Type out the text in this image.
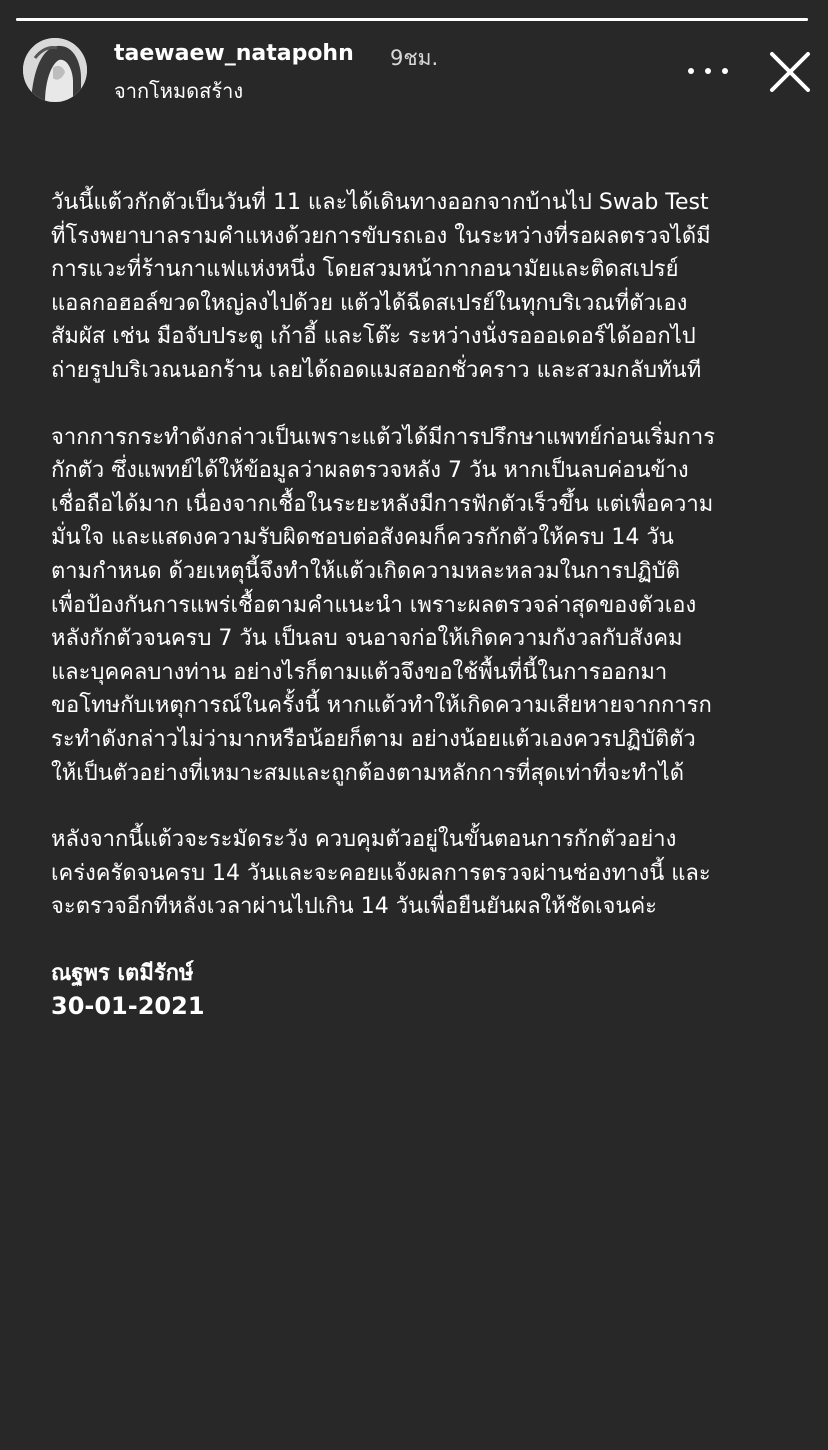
taewaew_natapohn 9ชม.
จากโหมดสร้าง
วันนี้แต้วกักตัวเป็นวันที่ 11 และได้เดินทางออกจากบ้านไป Swab Test
ที่โรงพยาบาลรามคำแหงด้วยการขับรถเอง ในระหว่างที่รอผลตรวจได้มี
การแวะที่ร้านกาแฟแห่งหนึ่ง โดยสวมหน้ากากอนามัยและติดสเปรย์
แอลกอฮอล์ขวดใหญ่ลงไปด้วย แต้วได้ฉีดสเปรย์ในทุกบริเวณที่ตัวเอง
สัมผัส เช่น มือจับประตู เก้าอี้ และโต๊ะ ระหว่างนั่งรอออเดอร์ได้ออกไป
ถ่ายรูปบริเวณนอกร้าน เลยได้ถอดแมสออกชั่วคราว และสวมกลับทันที
จากการกระทำดังกล่าวเป็นเพราะแต้วได้มีการปรึกษาแพทย์ก่อนเริ่มการ
กักตัว ซึ่งแพทย์ได้ให้ข้อมูลว่าผลตรวจหลัง 7 วัน หากเป็นลบค่อนข้าง
เชื่อถือได้มาก เนื่องจากเชื้อในระยะหลังมีการฟักตัวเร็วขึ้น แต่เพื่อความ
มั่นใจ และแสดงความรับผิดชอบต่อสังคมก็ควรกักตัวให้ครบ 14 วัน
ตามกำหนด ด้วยเหตุนี้จึงทำให้แต้วเกิดความหละหลวมในการปฏิบัติ
เพื่อป้องกันการแพร่เชื้อตามคำแนะนำ เพราะผลตรวจล่าสุดของตัวเอง
หลังกักตัวจนครบ 7 วัน เป็นลบ จนอาจก่อให้เกิดความกังวลกับสังคม
และบุคคลบางท่าน อย่างไรก็ตามแต้วจึงขอใช้พื้นที่นี้ในการออกมา
ขอโทษกับเหตุการณ์ในครั้งนี้ หากแต้วทำให้เกิดความเสียหายจากการก
ระทำดังกล่าวไม่ว่ามากหรือน้อยก็ตาม อย่างน้อยแต้วเองควรปฏิบัติตัว
ให้เป็นตัวอย่างที่เหมาะสมและถูกต้องตามหลักการที่สุดเท่าที่จะทำได้
หลังจากนี้แต้วจะระมัดระวัง ควบคุมตัวอยู่ในขั้นตอนการกักตัวอย่าง
เคร่งครัดจนครบ 14 วันและจะคอยแจ้งผลการตรวจผ่านช่องทางนี้ และ
จะตรวจอีกทีหลังเวลาผ่านไปเกิน 14 วันเพื่อยืนยันผลให้ชัดเจนค่ะ
ณฐพร เตมีรักษ์
30-01-2021
